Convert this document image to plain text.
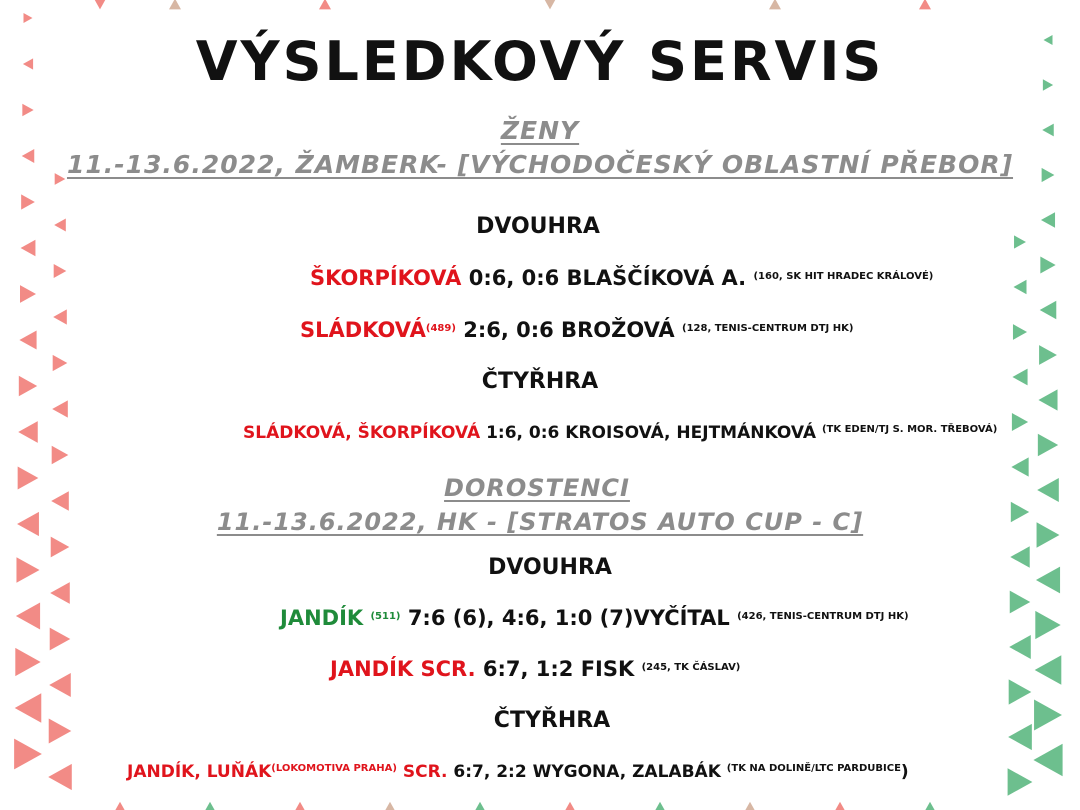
VÝSLEDKOVÝ SERVIS
ŽENY
11.-13.6.2022, ŽAMBERK- [VÝCHODOČESKÝ OBLASTNÍ PŘEBOR]
DVOUHRA
ŠKORPÍKOVÁ 0:6, 0:6 BLAŠČÍKOVÁ A. $^{(160, SK HIT HRADEC KRÁLOVÉ)}$
SLÁDKOVÁ$^{(489)}$ 2:6, 0:6 BROŽOVÁ $^{(128, TENIS-CENTRUM DTJ HK)}$
ČTYŘHRA
SLÁDKOVÁ, ŠKORPÍKOVÁ 1:6, 0:6 KROISOVÁ, HEJTMÁNKOVÁ $^{(TK EDEN/TJ S. MOR. TŘEBOVÁ)}$
DOROSTENCI
11.-13.6.2022, HK - [STRATOS AUTO CUP - C]
DVOUHRA
JANDÍK $^{(511)}$ 7:6 (6), 4:6, 1:0 (7)VYČÍTAL $^{(426, TENIS-CENTRUM DTJ HK)}$
JANDÍK SCR. 6:7, 1:2 FISK $^{(245, TK ČÁSLAV)}$
ČTYŘHRA
JANDÍK, $LUŇÁK^{(LOKOMOTIVA PRAHA)}$ SCR. 6:7, 2:2 WYGONA, ZALABÁK $^{(TK NA DOLINĚ/LTC PARDUBICE}$)
